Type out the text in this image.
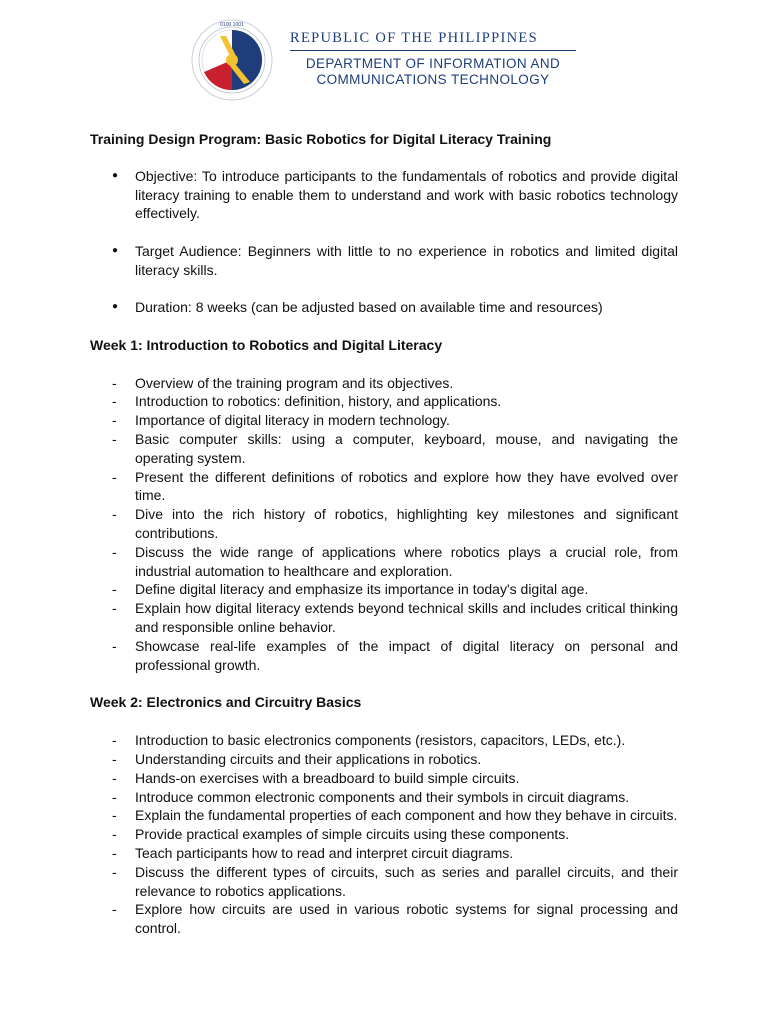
0100 1001
REPUBLIC OF THE PHILIPPINES
DEPARTMENT OF INFORMATION AND
COMMUNICATIONS TECHNOLOGY

Training Design Program: Basic Robotics for Digital Literacy Training

● Objective: To introduce participants to the fundamentals of robotics and provide digital literacy training to enable them to understand and work with basic robotics technology effectively.
● Target Audience: Beginners with little to no experience in robotics and limited digital literacy skills.
● Duration: 8 weeks (can be adjusted based on available time and resources)

Week 1: Introduction to Robotics and Digital Literacy

- Overview of the training program and its objectives.
- Introduction to robotics: definition, history, and applications.
- Importance of digital literacy in modern technology.
- Basic computer skills: using a computer, keyboard, mouse, and navigating the operating system.
- Present the different definitions of robotics and explore how they have evolved over time.
- Dive into the rich history of robotics, highlighting key milestones and significant contributions.
- Discuss the wide range of applications where robotics plays a crucial role, from industrial automation to healthcare and exploration.
- Define digital literacy and emphasize its importance in today's digital age.
- Explain how digital literacy extends beyond technical skills and includes critical thinking and responsible online behavior.
- Showcase real-life examples of the impact of digital literacy on personal and professional growth.

Week 2: Electronics and Circuitry Basics

- Introduction to basic electronics components (resistors, capacitors, LEDs, etc.).
- Understanding circuits and their applications in robotics.
- Hands-on exercises with a breadboard to build simple circuits.
- Introduce common electronic components and their symbols in circuit diagrams.
- Explain the fundamental properties of each component and how they behave in circuits.
- Provide practical examples of simple circuits using these components.
- Teach participants how to read and interpret circuit diagrams.
- Discuss the different types of circuits, such as series and parallel circuits, and their relevance to robotics applications.
- Explore how circuits are used in various robotic systems for signal processing and control.
